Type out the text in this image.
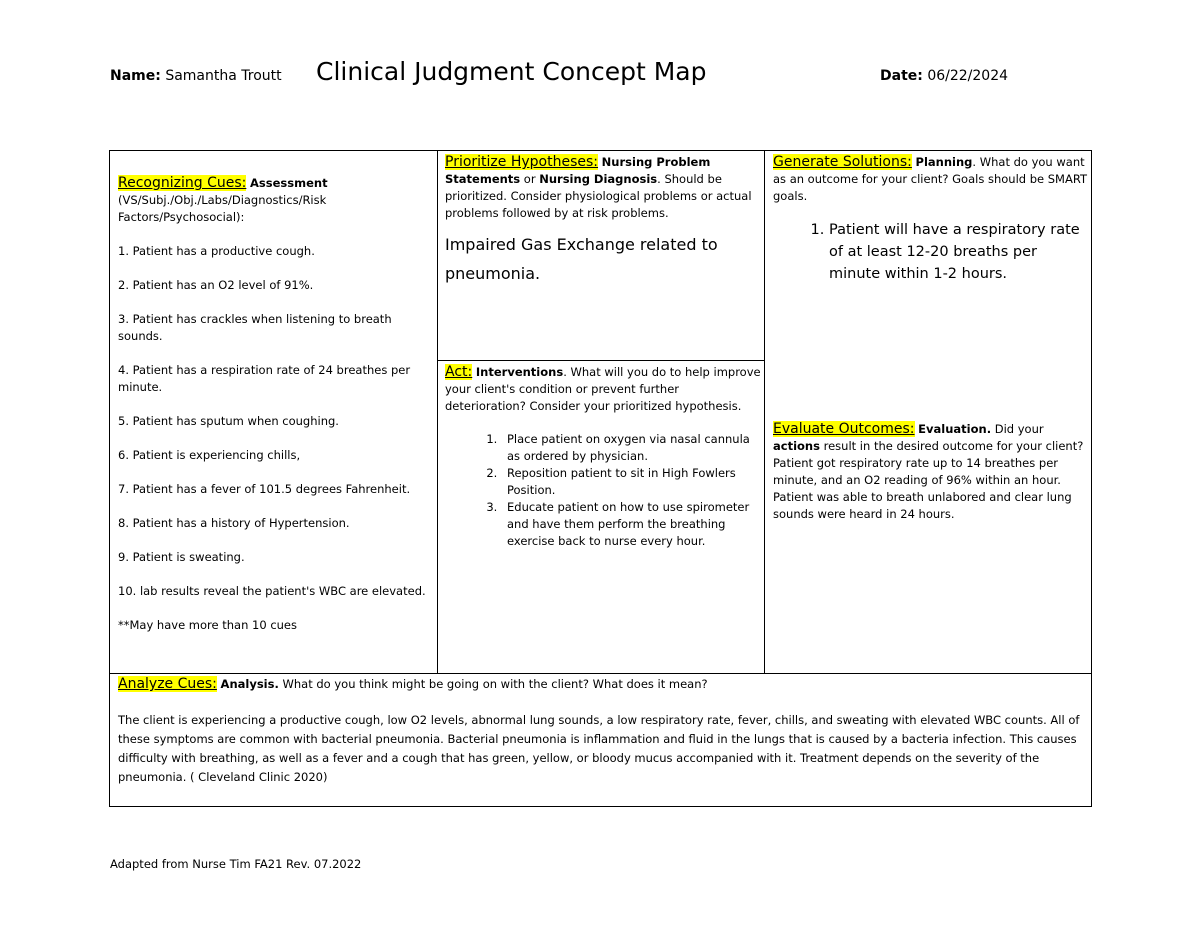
Name: Samantha Troutt Clinical Judgment Concept Map	Date: 06/22/2024
Recognizing Cues: Assessment
(VS/Subj./Obj./Labs/Diagnostics/Risk Factors/Psychosocial):

1. Patient has a productive cough.

2. Patient has an O2 level of 91%.

3. Patient has crackles when listening to breath sounds.

4. Patient has a respiration rate of 24 breathes per minute.

5. Patient has sputum when coughing.

6. Patient is experiencing chills,

7. Patient has a fever of 101.5 degrees Fahrenheit.

8. Patient has a history of Hypertension.

9. Patient is sweating.

10. lab results reveal the patient's WBC are elevated.

**May have more than 10 cues

Prioritize Hypotheses: Nursing Problem Statements or Nursing Diagnosis. Should be prioritized. Consider physiological problems or actual problems followed by at risk problems.
Impaired Gas Exchange related to pneumonia.
Act: Interventions. What will you do to help improve your client's condition or prevent further deterioration? Consider your prioritized hypothesis.
1. Place patient on oxygen via nasal cannula as ordered by physician.
2. Reposition patient to sit in High Fowlers Position.
3. Educate patient on how to use spirometer and have them perform the breathing exercise back to nurse every hour.
Generate Solutions: Planning. What do you want as an outcome for your client? Goals should be SMART goals.
1. Patient will have a respiratory rate of at least 12-20 breaths per minute within 1-2 hours.
Evaluate Outcomes: Evaluation. Did your actions result in the desired outcome for your client?
Patient got respiratory rate up to 14 breathes per minute, and an O2 reading of 96% within an hour. Patient was able to breath unlabored and clear lung sounds were heard in 24 hours.
Analyze Cues: Analysis. What do you think might be going on with the client? What does it mean?
The client is experiencing a productive cough, low O2 levels, abnormal lung sounds, a low respiratory rate, fever, chills, and sweating with elevated WBC counts. All of these symptoms are common with bacterial pneumonia. Bacterial pneumonia is inflammation and fluid in the lungs that is caused by a bacteria infection. This causes difficulty with breathing, as well as a fever and a cough that has green, yellow, or bloody mucus accompanied with it. Treatment depends on the severity of the pneumonia. ( Cleveland Clinic 2020)
Adapted from Nurse Tim FA21 Rev. 07.2022
